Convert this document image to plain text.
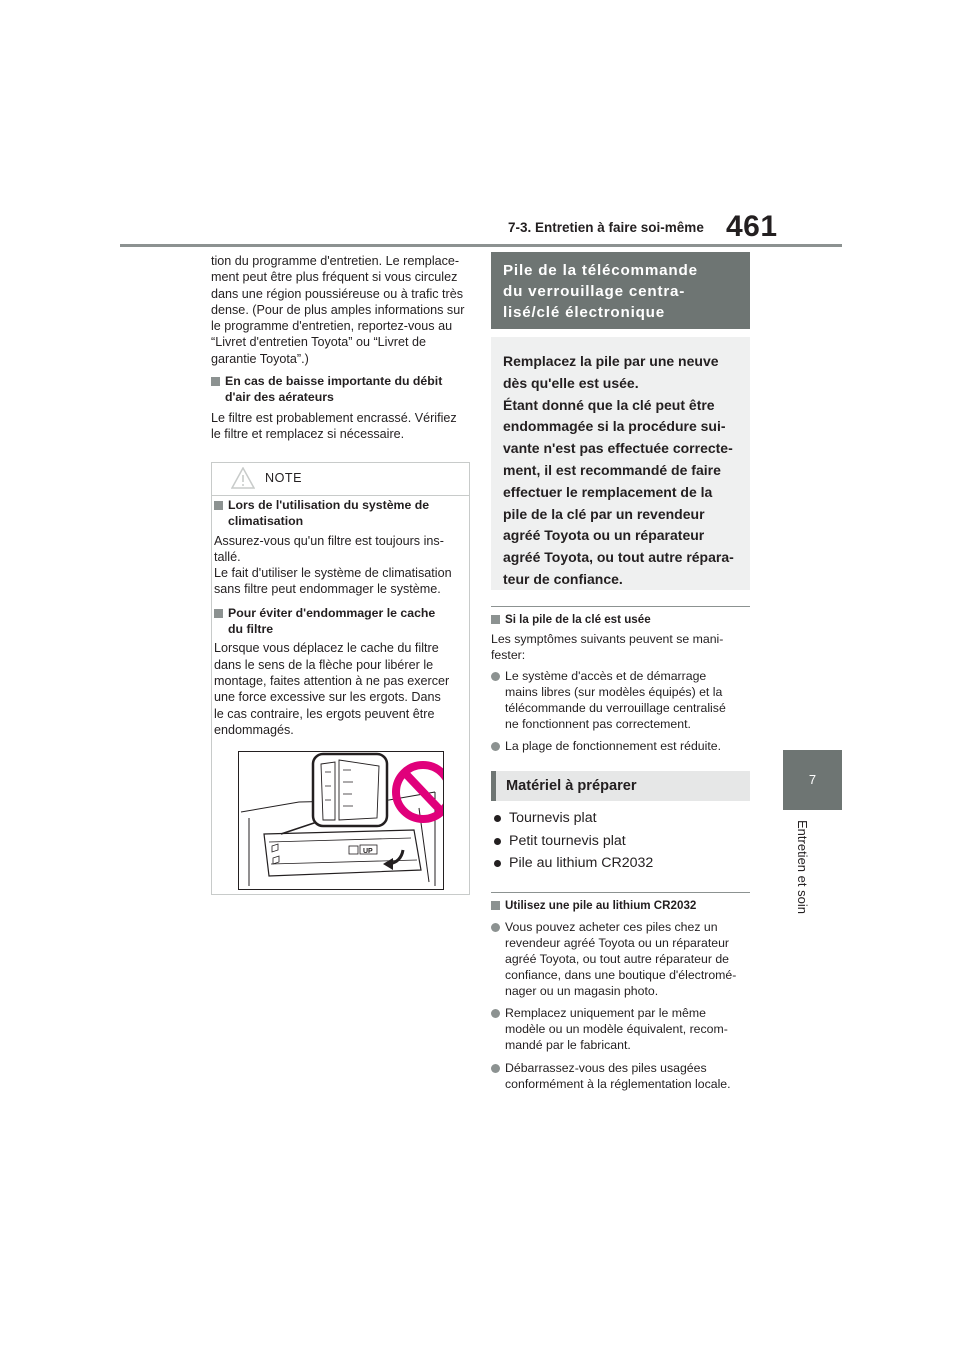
7-3. Entretien à faire soi-même 461
7
Entretien et soin
tion du programme d'entretien. Le remplace-
ment peut être plus fréquent si vous circulez
dans une région poussiéreuse ou à trafic très
dense. (Pour de plus amples informations sur
le programme d'entretien, reportez-vous au
“Livret d'entretien Toyota” ou “Livret de
garantie Toyota”.)
En cas de baisse importante du débit
d'air des aérateurs
Le filtre est probablement encrassé. Vérifiez
le filtre et remplacez si nécessaire.
NOTE
Lors de l'utilisation du système de
climatisation
Assurez-vous qu'un filtre est toujours ins-
tallé.
Le fait d'utiliser le système de climatisation
sans filtre peut endommager le système.
Pour éviter d'endommager le cache
du filtre
Lorsque vous déplacez le cache du filtre
dans le sens de la flèche pour libérer le
montage, faites attention à ne pas exercer
une force excessive sur les ergots. Dans
le cas contraire, les ergots peuvent être
endommagés.
UP
Pile de la télécommande
du verrouillage centra-
lisé/clé électronique

Remplacez la pile par une neuve

dès qu'elle est usée.

Étant donné que la clé peut être

endommagée si la procédure sui-

vante n'est pas effectuée correcte-

ment, il est recommandé de faire

effectuer le remplacement de la

pile de la clé par un revendeur

agréé Toyota ou un réparateur

agréé Toyota, ou tout autre répara-

teur de confiance.

Si la pile de la clé est usée
Les symptômes suivants peuvent se mani-
fester:
Le système d'accès et de démarrage
mains libres (sur modèles équipés) et la
télécommande du verrouillage centralisé
ne fonctionnent pas correctement.
La plage de fonctionnement est réduite.
Matériel à préparer
Tournevis plat
Petit tournevis plat
Pile au lithium CR2032
Utilisez une pile au lithium CR2032
Vous pouvez acheter ces piles chez un
revendeur agréé Toyota ou un réparateur
agréé Toyota, ou tout autre réparateur de
confiance, dans une boutique d'électromé-
nager ou un magasin photo.
Remplacez uniquement par le même
modèle ou un modèle équivalent, recom-
mandé par le fabricant.
Débarrassez-vous des piles usagées
conformément à la réglementation locale.
